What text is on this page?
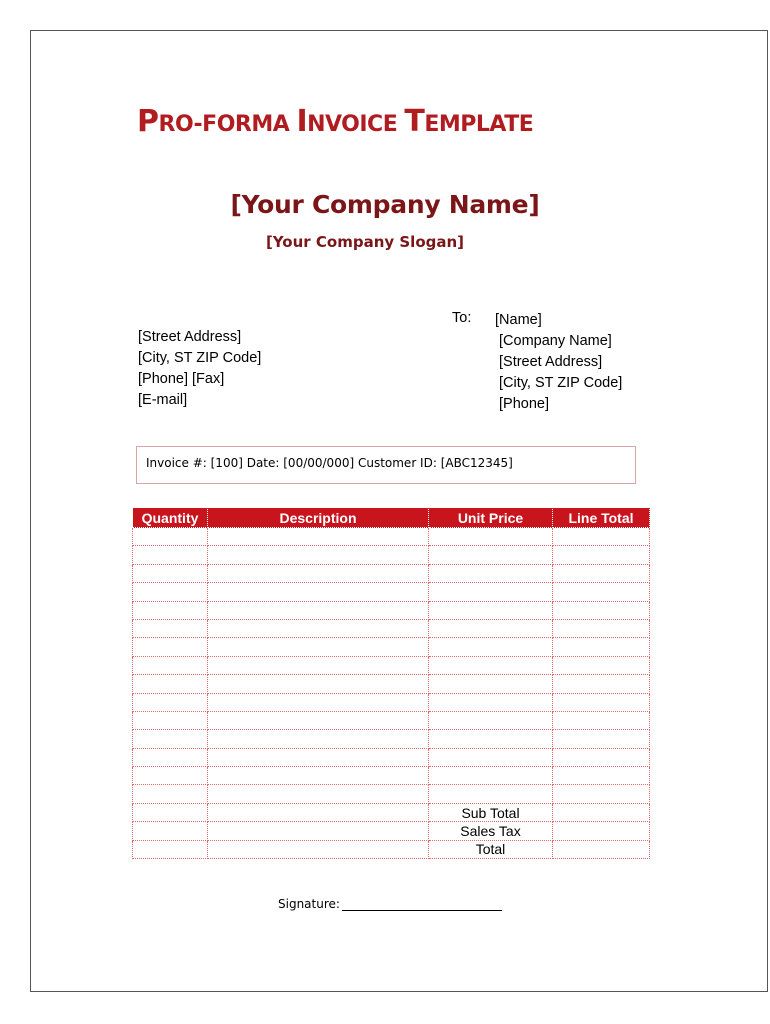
PRO-FORMA INVOICE TEMPLATE
[Your Company Name]
[Your Company Slogan]
[Street Address]
[City, ST ZIP Code]
[Phone] [Fax]
[E-mail]
To: [Name]
[Company Name]
[Street Address]
[City, ST ZIP Code]
[Phone]
Invoice #: [100] Date: [00/00/000] Customer ID: [ABC12345]
Quantity	Description	Unit Price	Line Total

		Sub Total	
		Sales Tax	
		Total	
Signature:
